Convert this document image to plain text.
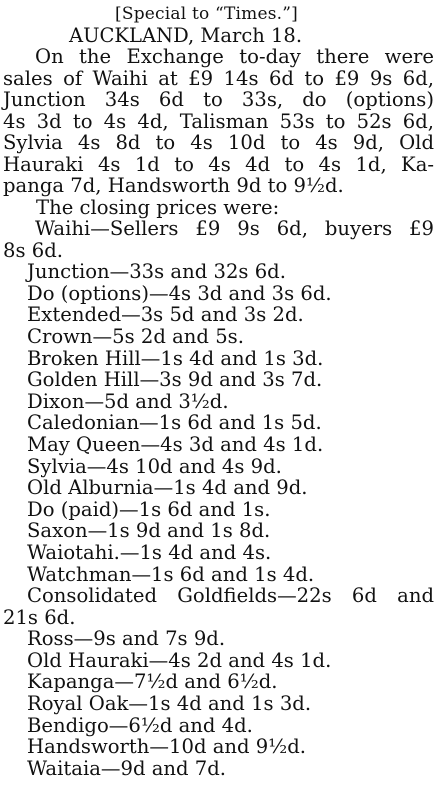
[Special to “Times.”]
AUCKLAND, March 18.
On the Exchange to-day there were
sales of Waihi at £9 14s 6d to £9 9s 6d,
Junction 34s 6d to 33s, do (options)
4s 3d to 4s 4d, Talisman 53s to 52s 6d,
Sylvia 4s 8d to 4s 10d to 4s 9d, Old
Hauraki 4s 1d to 4s 4d to 4s 1d, Ka-
panga 7d, Handsworth 9d to 9½d.
The closing prices were:
Waihi—Sellers £9 9s 6d, buyers £9
8s 6d.
Junction—33s and 32s 6d.
Do (options)—4s 3d and 3s 6d.
Extended—3s 5d and 3s 2d.
Crown—5s 2d and 5s.
Broken Hill—1s 4d and 1s 3d.
Golden Hill—3s 9d and 3s 7d.
Dixon—5d and 3½d.
Caledonian—1s 6d and 1s 5d.
May Queen—4s 3d and 4s 1d.
Sylvia—4s 10d and 4s 9d.
Old Alburnia—1s 4d and 9d.
Do (paid)—1s 6d and 1s.
Saxon—1s 9d and 1s 8d.
Waiotahi.—1s 4d and 4s.
Watchman—1s 6d and 1s 4d.
Consolidated Goldfields—22s 6d and
21s 6d.
Ross—9s and 7s 9d.
Old Hauraki—4s 2d and 4s 1d.
Kapanga—7½d and 6½d.
Royal Oak—1s 4d and 1s 3d.
Bendigo—6½d and 4d.
Handsworth—10d and 9½d.
Waitaia—9d and 7d.
